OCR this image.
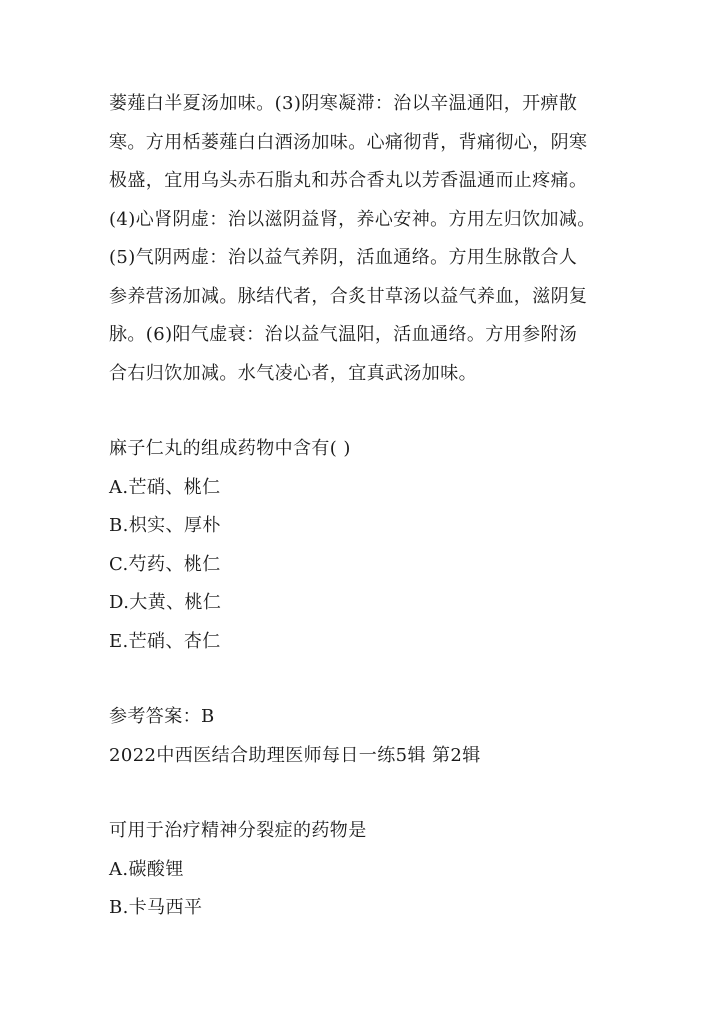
蒌薤白半夏汤加味。(3)阴寒凝滞：治以辛温通阳，开痹散
寒。方用栝蒌薤白白酒汤加味。心痛彻背，背痛彻心，阴寒
极盛，宜用乌头赤石脂丸和苏合香丸以芳香温通而止疼痛。
(4)心肾阴虚：治以滋阴益肾，养心安神。方用左归饮加减。
(5)气阴两虚：治以益气养阴，活血通络。方用生脉散合人
参养营汤加减。脉结代者，合炙甘草汤以益气养血，滋阴复
脉。(6)阳气虚衰：治以益气温阳，活血通络。方用参附汤
合右归饮加减。水气凌心者，宜真武汤加味。
麻子仁丸的组成药物中含有( )
A.芒硝、桃仁
B.枳实、厚朴
C.芍药、桃仁
D.大黄、桃仁
E.芒硝、杏仁
参考答案：B
2022中西医结合助理医师每日一练5辑 第2辑
可用于治疗精神分裂症的药物是
A.碳酸锂
B.卡马西平
